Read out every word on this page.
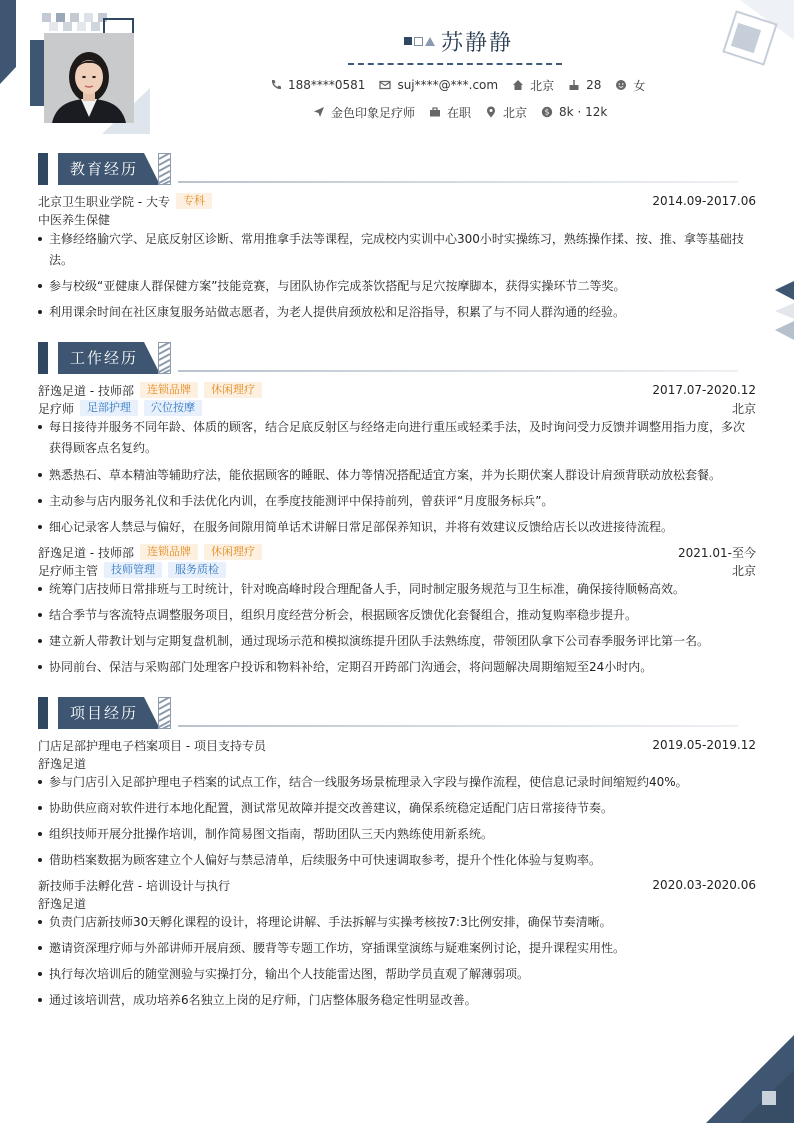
苏静静
188****0581	suj****@***.com	北京	28	女
金色印象足疗师	在职	北京 $ 8k · 12k
教育经历
北京卫生职业学院 - 大专	专科	2014.09-2017.06
中医养生保健
主修经络腧穴学、足底反射区诊断、常用推拿手法等课程，完成校内实训中心300小时实操练习，熟练操作揉、按、推、拿等基础技法。
参与校级“亚健康人群保健方案”技能竞赛，与团队协作完成茶饮搭配与足穴按摩脚本，获得实操环节二等奖。
利用课余时间在社区康复服务站做志愿者，为老人提供肩颈放松和足浴指导，积累了与不同人群沟通的经验。
工作经历
舒逸足道 - 技师部	连锁品牌	休闲理疗	2017.07-2020.12
足疗师	足部护理	穴位按摩	北京
每日接待并服务不同年龄、体质的顾客，结合足底反射区与经络走向进行重压或轻柔手法，及时询问受力反馈并调整用指力度，多次获得顾客点名复约。
熟悉热石、草本精油等辅助疗法，能依据顾客的睡眠、体力等情况搭配适宜方案，并为长期伏案人群设计肩颈背联动放松套餐。
主动参与店内服务礼仪和手法优化内训，在季度技能测评中保持前列，曾获评“月度服务标兵”。
细心记录客人禁忌与偏好，在服务间隙用简单话术讲解日常足部保养知识，并将有效建议反馈给店长以改进接待流程。
舒逸足道 - 技师部	连锁品牌	休闲理疗	2021.01-至今
足疗师主管	技师管理	服务质检	北京
统筹门店技师日常排班与工时统计，针对晚高峰时段合理配备人手，同时制定服务规范与卫生标准，确保接待顺畅高效。
结合季节与客流特点调整服务项目，组织月度经营分析会，根据顾客反馈优化套餐组合，推动复购率稳步提升。
建立新人带教计划与定期复盘机制，通过现场示范和模拟演练提升团队手法熟练度，带领团队拿下公司春季服务评比第一名。
协同前台、保洁与采购部门处理客户投诉和物料补给，定期召开跨部门沟通会，将问题解决周期缩短至24小时内。
项目经历
门店足部护理电子档案项目 - 项目支持专员	2019.05-2019.12
舒逸足道
参与门店引入足部护理电子档案的试点工作，结合一线服务场景梳理录入字段与操作流程，使信息记录时间缩短约40%。
协助供应商对软件进行本地化配置，测试常见故障并提交改善建议，确保系统稳定适配门店日常接待节奏。
组织技师开展分批操作培训，制作简易图文指南，帮助团队三天内熟练使用新系统。
借助档案数据为顾客建立个人偏好与禁忌清单，后续服务中可快速调取参考，提升个性化体验与复购率。
新技师手法孵化营 - 培训设计与执行	2020.03-2020.06
舒逸足道
负责门店新技师30天孵化课程的设计，将理论讲解、手法拆解与实操考核按7:3比例安排，确保节奏清晰。
邀请资深理疗师与外部讲师开展肩颈、腰背等专题工作坊，穿插课堂演练与疑难案例讨论，提升课程实用性。
执行每次培训后的随堂测验与实操打分，输出个人技能雷达图，帮助学员直观了解薄弱项。
通过该培训营，成功培养6名独立上岗的足疗师，门店整体服务稳定性明显改善。
